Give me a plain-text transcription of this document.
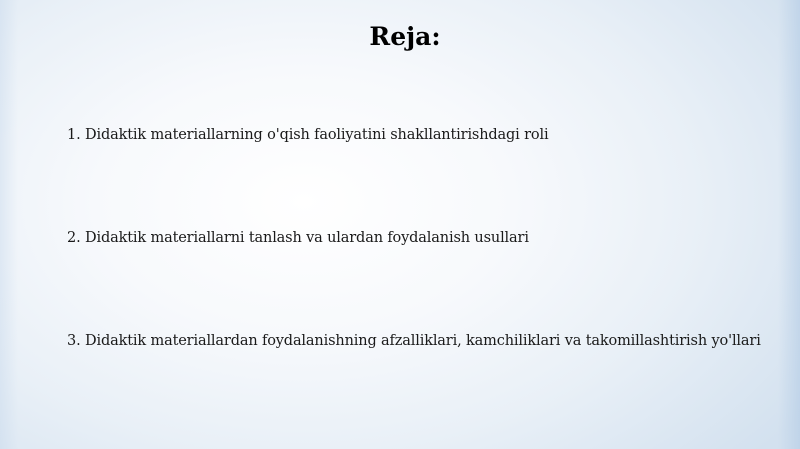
Reja:
1. Didaktik materiallarning o'qish faoliyatini shakllantirishdagi roli
2. Didaktik materiallarni tanlash va ulardan foydalanish usullari
3. Didaktik materiallardan foydalanishning afzalliklari, kamchiliklari va takomillashtirish yo'llari
